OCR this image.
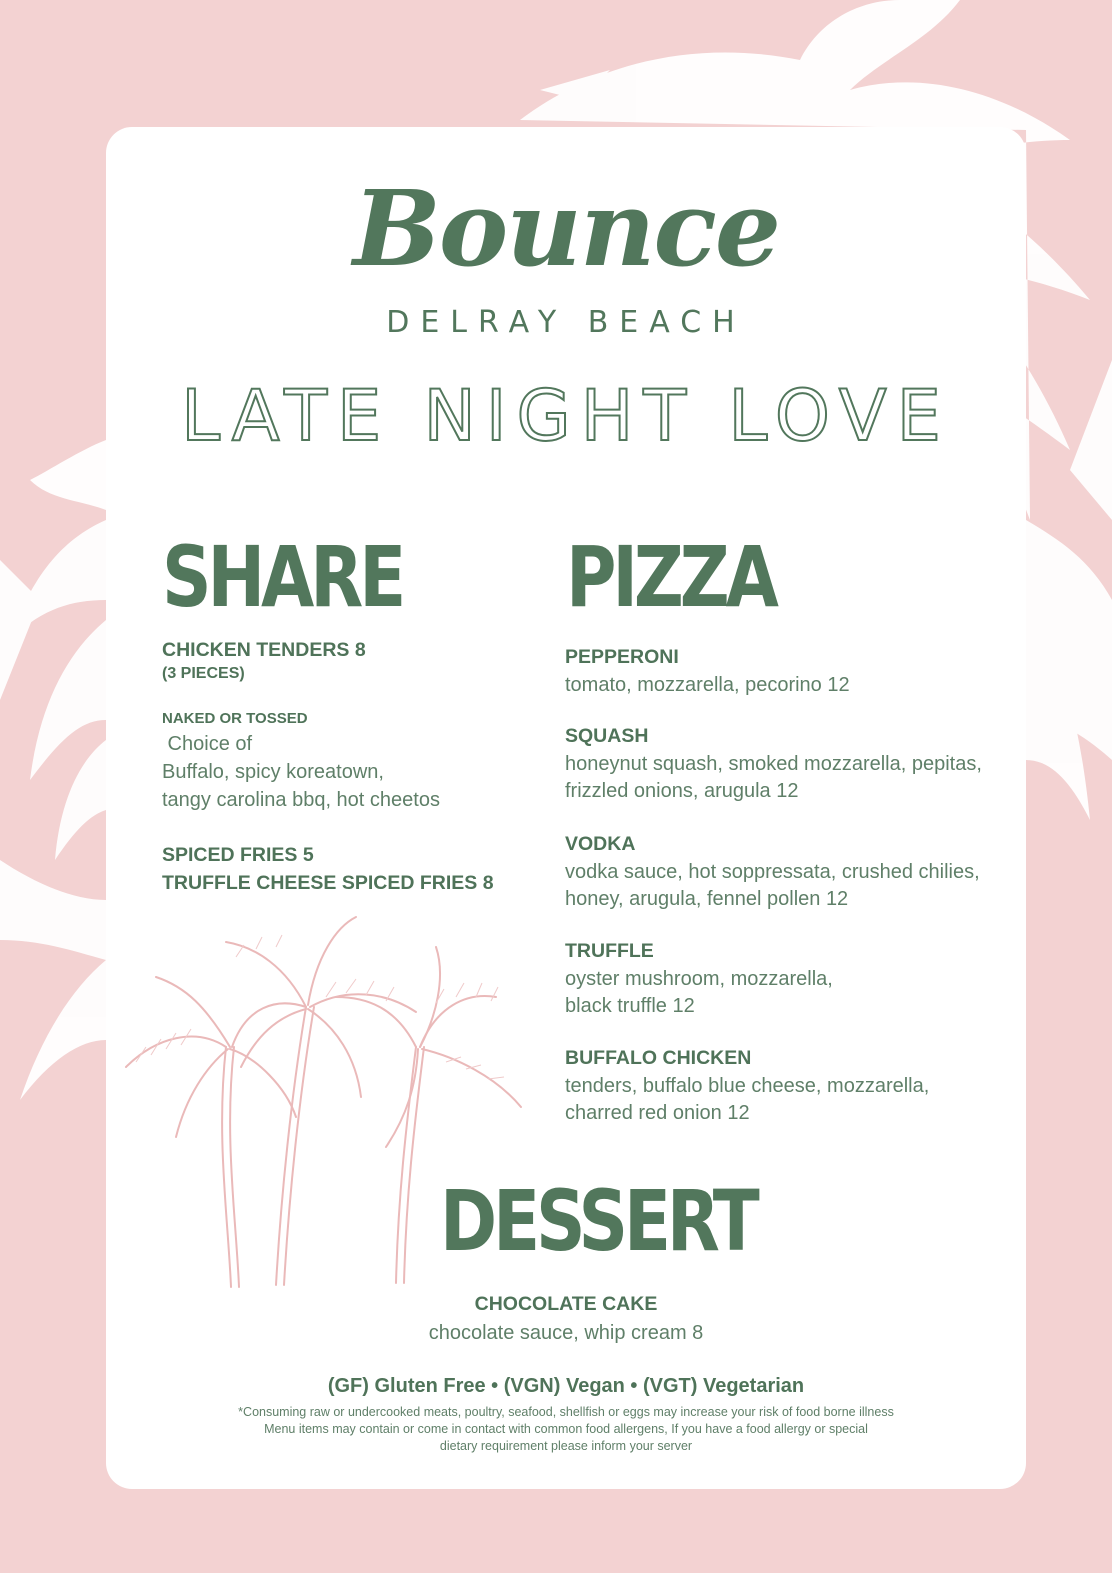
Bounce
DELRAY BEACH
LATE NIGHT LOVE
SHARE
CHICKEN TENDERS 8
(3 PIECES)
NAKED OR TOSSED
Choice of
Buffalo, spicy koreatown,
tangy carolina bbq, hot cheetos
SPICED FRIES 5
TRUFFLE CHEESE SPICED FRIES 8
PIZZA
PEPPERONI
tomato, mozzarella, pecorino 12
SQUASH
honeynut squash, smoked mozzarella, pepitas,
frizzled onions, arugula 12
VODKA
vodka sauce, hot soppressata, crushed chilies,
honey, arugula, fennel pollen 12
TRUFFLE
oyster mushroom, mozzarella,
black truffle 12
BUFFALO CHICKEN
tenders, buffalo blue cheese, mozzarella,
charred red onion 12
DESSERT
CHOCOLATE CAKE
chocolate sauce, whip cream 8
(GF) Gluten Free • (VGN) Vegan • (VGT) Vegetarian
*Consuming raw or undercooked meats, poultry, seafood, shellfish or eggs may increase your risk of food borne illness
Menu items may contain or come in contact with common food allergens, If you have a food allergy or special
dietary requirement please inform your server
